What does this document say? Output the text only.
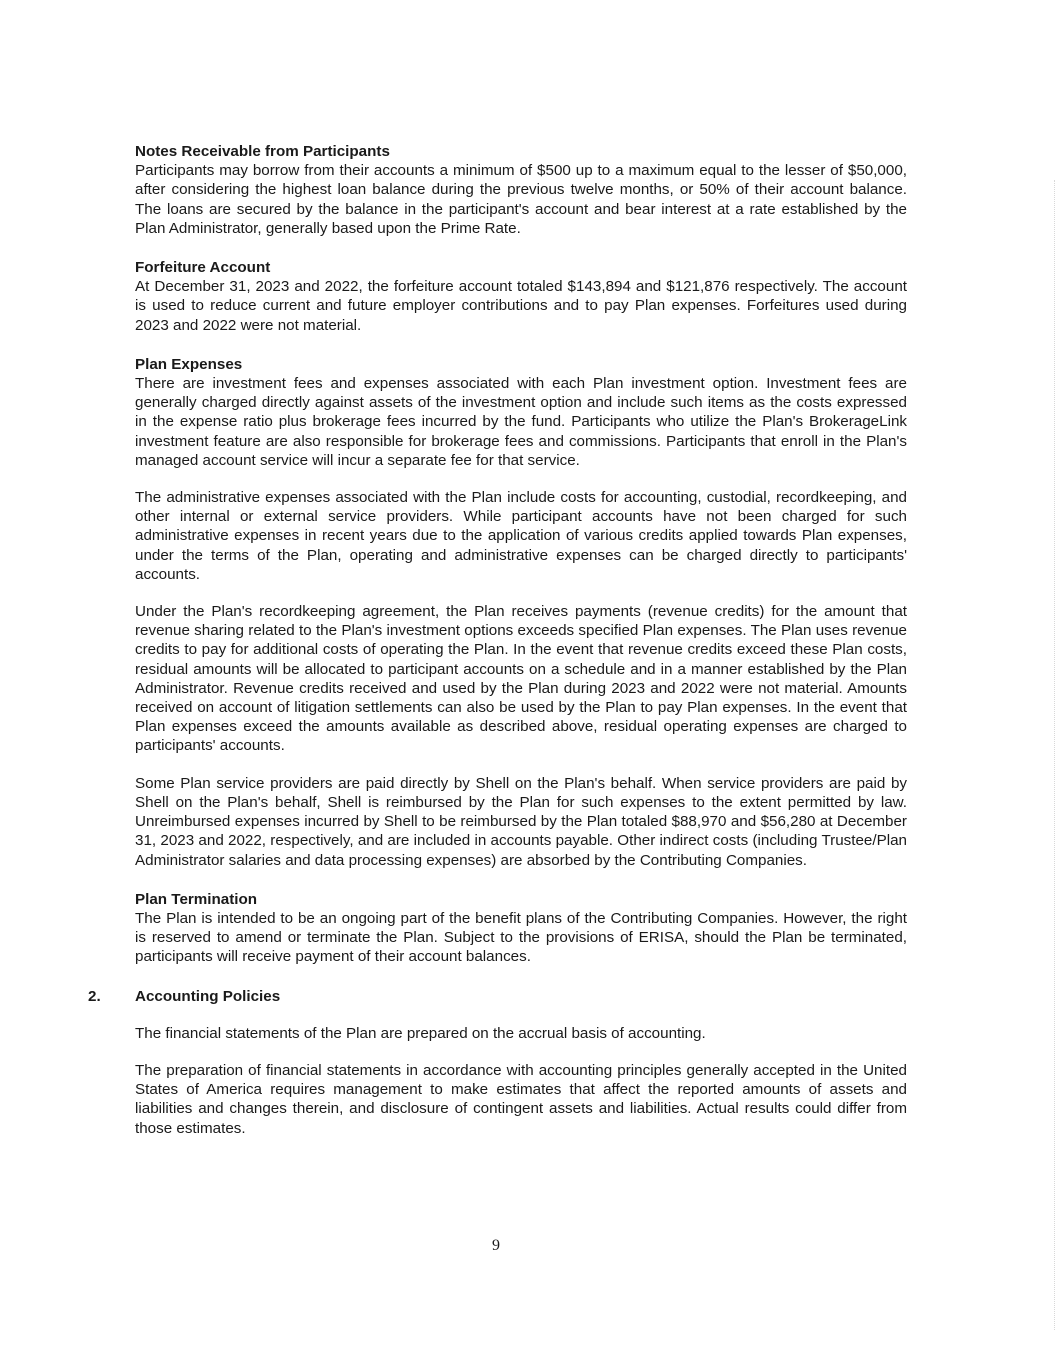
Notes Receivable from Participants

Participants may borrow from their accounts a minimum of $500 up to a maximum equal to the lesser of $50,000, after considering the highest loan balance during the previous twelve months, or 50% of their account balance. The loans are secured by the balance in the participant's account and bear interest at a rate established by the Plan Administrator, generally based upon the Prime Rate.

Forfeiture Account

At December 31, 2023 and 2022, the forfeiture account totaled $143,894 and $121,876 respectively. The account is used to reduce current and future employer contributions and to pay Plan expenses. Forfeitures used during 2023 and 2022 were not material.

Plan Expenses

There are investment fees and expenses associated with each Plan investment option. Investment fees are generally charged directly against assets of the investment option and include such items as the costs expressed in the expense ratio plus brokerage fees incurred by the fund. Participants who utilize the Plan's BrokerageLink investment feature are also responsible for brokerage fees and commissions. Participants that enroll in the Plan's managed account service will incur a separate fee for that service.

The administrative expenses associated with the Plan include costs for accounting, custodial, recordkeeping, and other internal or external service providers. While participant accounts have not been charged for such administrative expenses in recent years due to the application of various credits applied towards Plan expenses, under the terms of the Plan, operating and administrative expenses can be charged directly to participants' accounts.

Under the Plan's recordkeeping agreement, the Plan receives payments (revenue credits) for the amount that revenue sharing related to the Plan's investment options exceeds specified Plan expenses. The Plan uses revenue credits to pay for additional costs of operating the Plan. In the event that revenue credits exceed these Plan costs, residual amounts will be allocated to participant accounts on a schedule and in a manner established by the Plan Administrator. Revenue credits received and used by the Plan during 2023 and 2022 were not material. Amounts received on account of litigation settlements can also be used by the Plan to pay Plan expenses. In the event that Plan expenses exceed the amounts available as described above, residual operating expenses are charged to participants' accounts.

Some Plan service providers are paid directly by Shell on the Plan's behalf. When service providers are paid by Shell on the Plan's behalf, Shell is reimbursed by the Plan for such expenses to the extent permitted by law. Unreimbursed expenses incurred by Shell to be reimbursed by the Plan totaled $88,970 and $56,280 at December 31, 2023 and 2022, respectively, and are included in accounts payable. Other indirect costs (including Trustee/Plan Administrator salaries and data processing expenses) are absorbed by the Contributing Companies.

Plan Termination

The Plan is intended to be an ongoing part of the benefit plans of the Contributing Companies. However, the right is reserved to amend or terminate the Plan. Subject to the provisions of ERISA, should the Plan be terminated, participants will receive payment of their account balances.

2. Accounting Policies

The financial statements of the Plan are prepared on the accrual basis of accounting.

The preparation of financial statements in accordance with accounting principles generally accepted in the United States of America requires management to make estimates that affect the reported amounts of assets and liabilities and changes therein, and disclosure of contingent assets and liabilities. Actual results could differ from those estimates.

9
